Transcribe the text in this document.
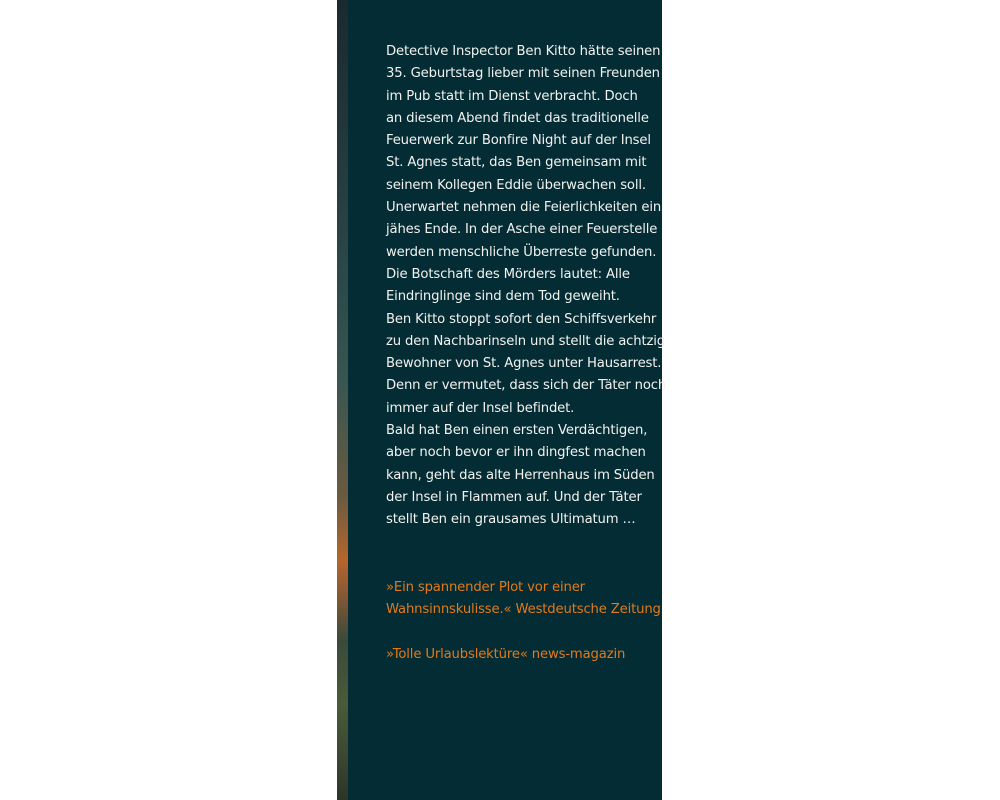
Detective Inspector Ben Kitto hätte seinen
35. Geburtstag lieber mit seinen Freunden
im Pub statt im Dienst verbracht. Doch
an diesem Abend findet das traditionelle
Feuerwerk zur Bonfire Night auf der Insel
St. Agnes statt, das Ben gemeinsam mit
seinem Kollegen Eddie überwachen soll.
Unerwartet nehmen die Feierlichkeiten ein
jähes Ende. In der Asche einer Feuerstelle
werden menschliche Überreste gefunden.
Die Botschaft des Mörders lautet: Alle
Eindringlinge sind dem Tod geweiht.
Ben Kitto stoppt sofort den Schiffsverkehr
zu den Nachbarinseln und stellt die achtzig
Bewohner von St. Agnes unter Hausarrest.
Denn er vermutet, dass sich der Täter noch
immer auf der Insel befindet.
Bald hat Ben einen ersten Verdächtigen,
aber noch bevor er ihn dingfest machen
kann, geht das alte Herrenhaus im Süden
der Insel in Flammen auf. Und der Täter
stellt Ben ein grausames Ultimatum …
»Ein spannender Plot vor einer
Wahnsinnskulisse.« Westdeutsche Zeitung
»Tolle Urlaubslektüre« news-magazin
